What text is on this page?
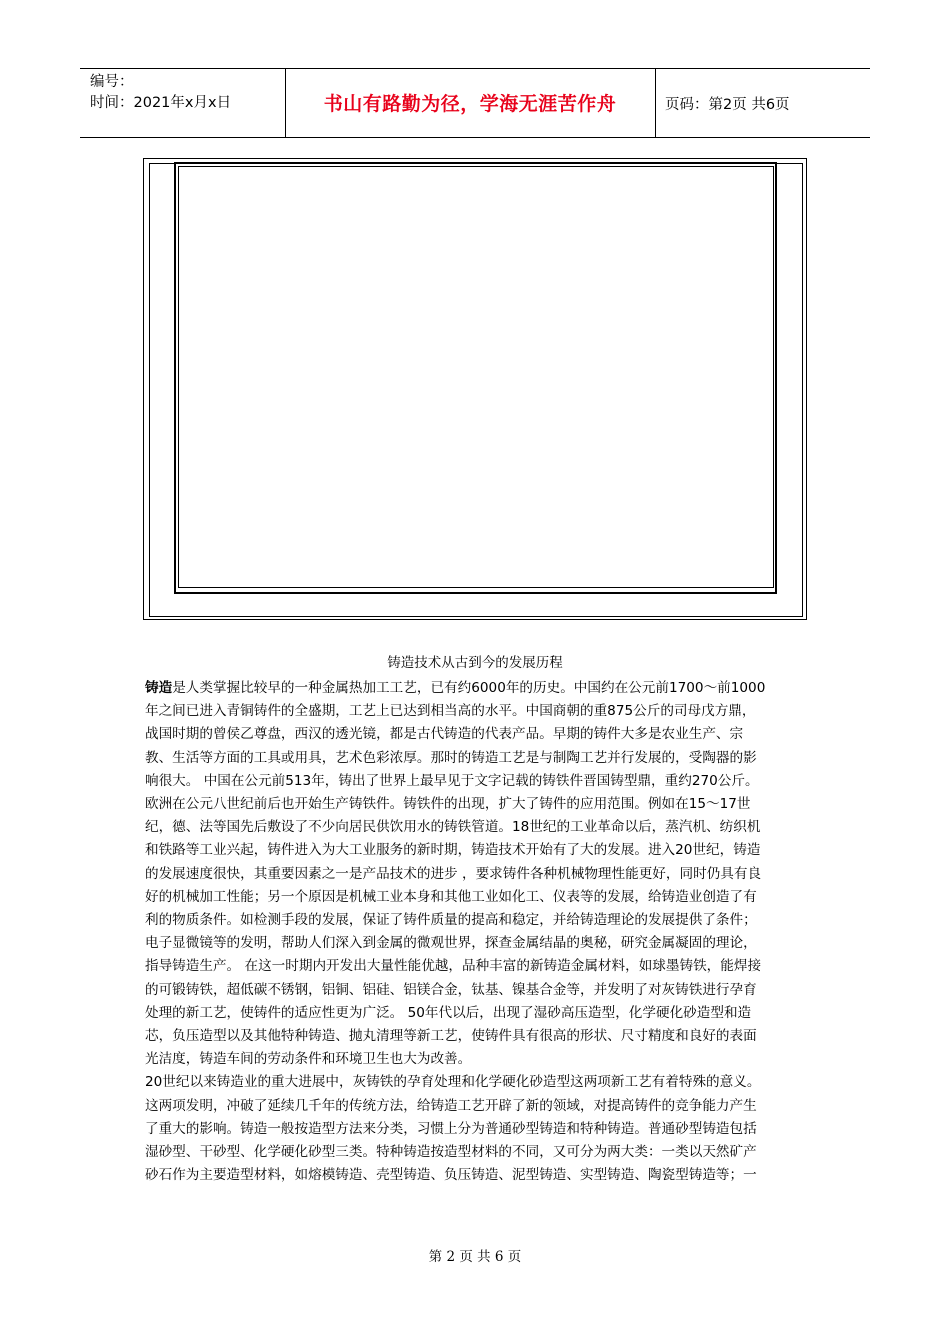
编号：
时间：2021年x月x日	书山有路勤为径，学海无涯苦作舟	页码：第2页 共6页
铸造技术从古到今的发展历程

铸造是人类掌握比较早的一种金属热加工工艺，已有约6000年的历史。中国约在公元前1700～前1000
年之间已进入青铜铸件的全盛期，工艺上已达到相当高的水平。中国商朝的重875公斤的司母戊方鼎，
战国时期的曾侯乙尊盘，西汉的透光镜，都是古代铸造的代表产品。早期的铸件大多是农业生产、宗
教、生活等方面的工具或用具，艺术色彩浓厚。那时的铸造工艺是与制陶工艺并行发展的，受陶器的影
响很大。 中国在公元前513年，铸出了世界上最早见于文字记载的铸铁件晋国铸型鼎，重约270公斤。
欧洲在公元八世纪前后也开始生产铸铁件。铸铁件的出现，扩大了铸件的应用范围。例如在15～17世
纪，德、法等国先后敷设了不少向居民供饮用水的铸铁管道。18世纪的工业革命以后，蒸汽机、纺织机
和铁路等工业兴起，铸件进入为大工业服务的新时期，铸造技术开始有了大的发展。进入20世纪，铸造
的发展速度很快，其重要因素之一是产品技术的进步 ，要求铸件各种机械物理性能更好，同时仍具有良
好的机械加工性能；另一个原因是机械工业本身和其他工业如化工、仪表等的发展，给铸造业创造了有
利的物质条件。如检测手段的发展，保证了铸件质量的提高和稳定，并给铸造理论的发展提供了条件；
电子显微镜等的发明，帮助人们深入到金属的微观世界，探查金属结晶的奥秘，研究金属凝固的理论，
指导铸造生产。 在这一时期内开发出大量性能优越，品种丰富的新铸造金属材料，如球墨铸铁，能焊接
的可锻铸铁，超低碳不锈钢，铝铜、铝硅、铝镁合金，钛基、镍基合金等，并发明了对灰铸铁进行孕育
处理的新工艺，使铸件的适应性更为广泛。 50年代以后，出现了湿砂高压造型，化学硬化砂造型和造
芯，负压造型以及其他特种铸造、抛丸清理等新工艺，使铸件具有很高的形状、尺寸精度和良好的表面
光洁度，铸造车间的劳动条件和环境卫生也大为改善。

20世纪以来铸造业的重大进展中，灰铸铁的孕育处理和化学硬化砂造型这两项新工艺有着特殊的意义。
这两项发明，冲破了延续几千年的传统方法，给铸造工艺开辟了新的领域，对提高铸件的竞争能力产生
了重大的影响。铸造一般按造型方法来分类，习惯上分为普通砂型铸造和特种铸造。普通砂型铸造包括
湿砂型、干砂型、化学硬化砂型三类。特种铸造按造型材料的不同，又可分为两大类：一类以天然矿产
砂石作为主要造型材料，如熔模铸造、壳型铸造、负压铸造、泥型铸造、实型铸造、陶瓷型铸造等；一

第 2 页 共 6 页
